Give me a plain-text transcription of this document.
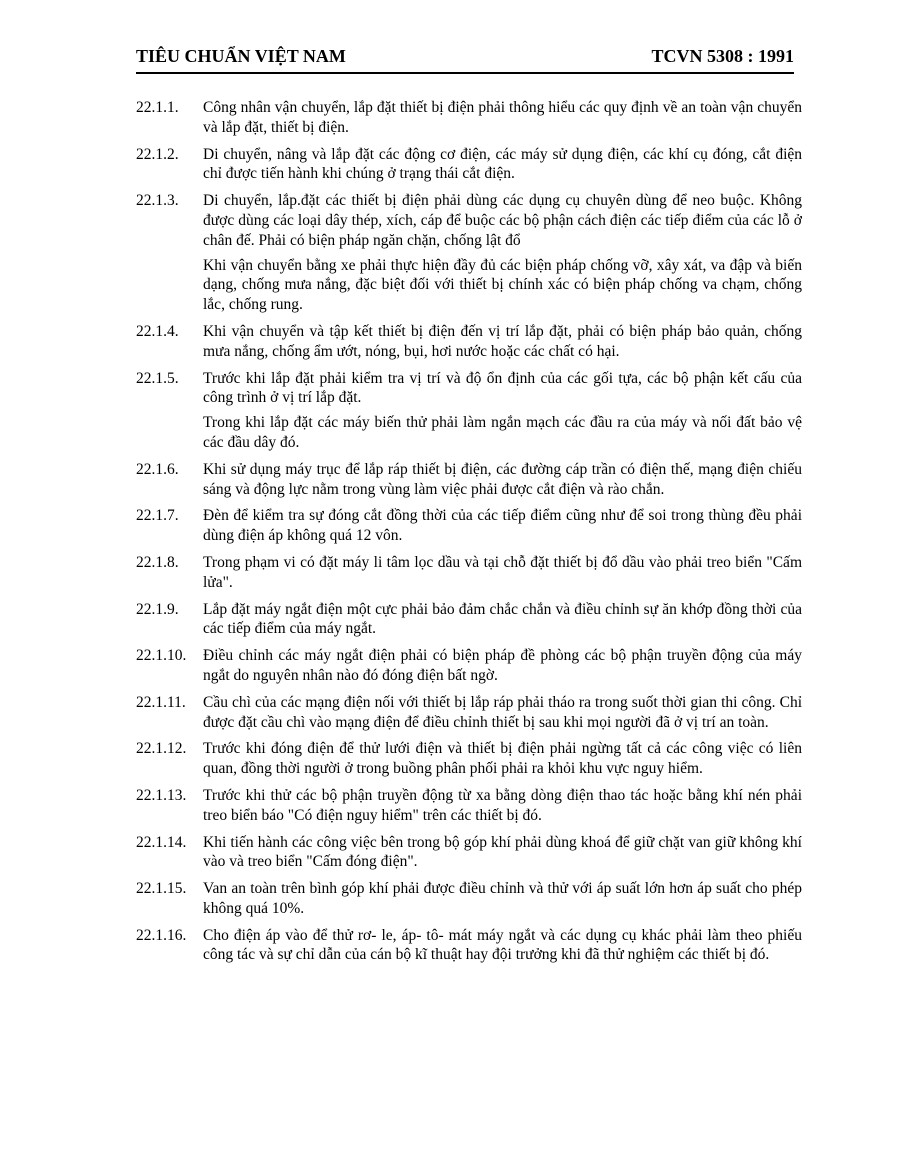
TIÊU CHUẨN VIỆT NAM	TCVN 5308 : 1991
22.1.1.	Công nhân vận chuyển, lắp đặt thiết bị điện phải thông hiểu các quy định về an toàn vận chuyển và lắp đặt, thiết bị điện.

22.1.2.	Di chuyển, nâng và lắp đặt các động cơ điện, các máy sử dụng điện, các khí cụ đóng, cắt điện chỉ được tiến hành khi chúng ở trạng thái cắt điện.

22.1.3.	Di chuyển, lắp.đặt các thiết bị điện phải dùng các dụng cụ chuyên dùng để neo buộc. Không được dùng các loại dây thép, xích, cáp để buộc các bộ phận cách điện các tiếp điểm của các lỗ ở chân đế. Phải có biện pháp ngăn chặn, chống lật đổ

Khi vận chuyển bằng xe phải thực hiện đầy đủ các biện pháp chống vỡ, xây xát, va đập và biến dạng, chống mưa nắng, đặc biệt đối với thiết bị chính xác có biện pháp chống va chạm, chống lắc, chống rung.

22.1.4.	Khi vận chuyển và tập kết thiết bị điện đến vị trí lắp đặt, phải có biện pháp bảo quản, chống mưa nắng, chống ẩm ướt, nóng, bụi, hơi nước hoặc các chất có hại.

22.1.5.	Trước khi lắp đặt phải kiểm tra vị trí và độ ổn định của các gối tựa, các bộ phận kết cấu của công trình ở vị trí lắp đặt.

Trong khi lắp đặt các máy biến thử phải làm ngắn mạch các đầu ra của máy và nối đất bảo vệ các đầu dây đó.

22.1.6.	Khi sử dụng máy trục để lắp ráp thiết bị điện, các đường cáp trần có điện thế, mạng điện chiếu sáng và động lực nằm trong vùng làm việc phải được cắt điện và rào chắn.

22.1.7.	Đèn để kiểm tra sự đóng cắt đồng thời của các tiếp điểm cũng như để soi trong thùng đều phải dùng điện áp không quá 12 vôn.

22.1.8.	Trong phạm vi có đặt máy li tâm lọc dầu và tại chỗ đặt thiết bị đổ dầu vào phải treo biển "Cấm lửa".

22.1.9.	Lắp đặt máy ngắt điện một cực phải bảo đảm chắc chắn và điều chỉnh sự ăn khớp đồng thời của các tiếp điểm của máy ngắt.

22.1.10.	Điều chỉnh các máy ngắt điện phải có biện pháp đề phòng các bộ phận truyền động của máy ngắt do nguyên nhân nào đó đóng điện bất ngờ.

22.1.11.	Cầu chì của các mạng điện nối với thiết bị lắp ráp phải tháo ra trong suốt thời gian thi công. Chỉ được đặt cầu chì vào mạng điện để điều chỉnh thiết bị sau khi mọi người đã ở vị trí an toàn.

22.1.12.	Trước khi đóng điện để thử lưới điện và thiết bị điện phải ngừng tất cả các công việc có liên quan, đồng thời người ở trong buồng phân phối phải ra khỏi khu vực nguy hiểm.

22.1.13.	Trước khi thử các bộ phận truyền động từ xa bằng dòng điện thao tác hoặc bằng khí nén phải treo biển báo "Có điện nguy hiểm" trên các thiết bị đó.

22.1.14.	Khi tiến hành các công việc bên trong bộ góp khí phải dùng khoá để giữ chặt van giữ không khí vào và treo biển "Cấm đóng điện".

22.1.15.	Van an toàn trên bình góp khí phải được điều chỉnh và thử với áp suất lớn hơn áp suất cho phép không quá 10%.

22.1.16.	Cho điện áp vào để thử rơ- le, áp- tô- mát máy ngắt và các dụng cụ khác phải làm theo phiếu công tác và sự chỉ dẫn của cán bộ kĩ thuật hay đội trưởng khi đã thử nghiệm các thiết bị đó.
